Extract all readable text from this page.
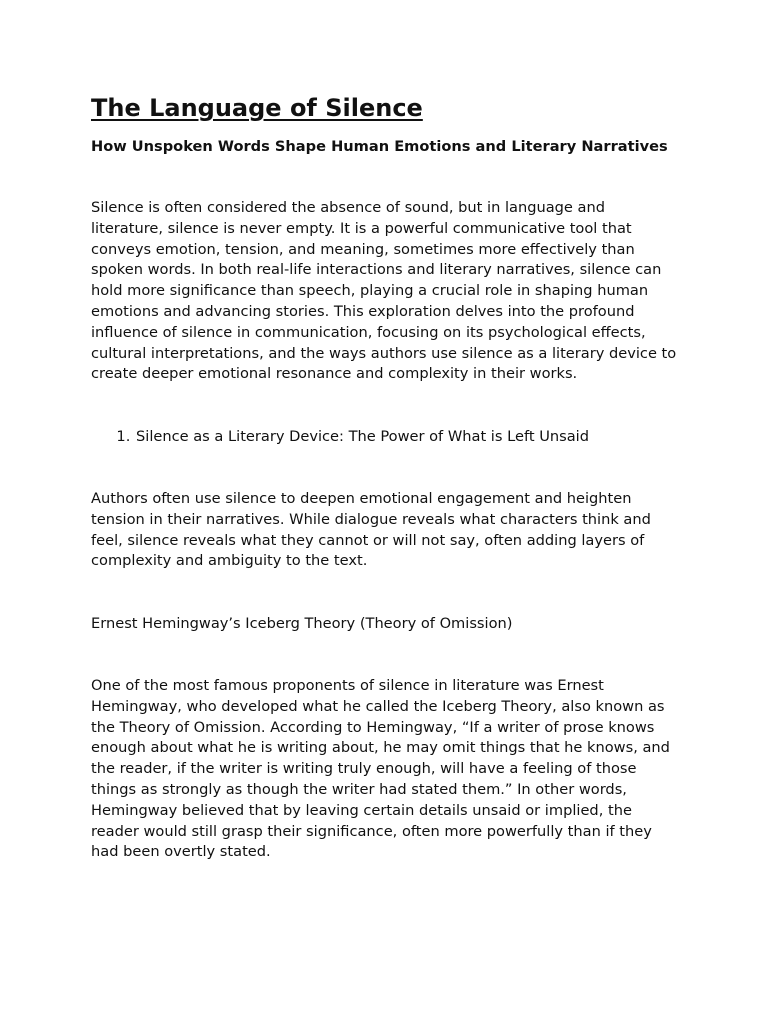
The Language of Silence
How Unspoken Words Shape Human Emotions and Literary Narratives

Silence is often considered the absence of sound, but in language and literature, silence is never empty. It is a powerful communicative tool that conveys emotion, tension, and meaning, sometimes more effectively than spoken words. In both real-life interactions and literary narratives, silence can hold more significance than speech, playing a crucial role in shaping human emotions and advancing stories. This exploration delves into the profound influence of silence in communication, focusing on its psychological effects, cultural interpretations, and the ways authors use silence as a literary device to create deeper emotional resonance and complexity in their works.

1. Silence as a Literary Device: The Power of What is Left Unsaid

Authors often use silence to deepen emotional engagement and heighten tension in their narratives. While dialogue reveals what characters think and feel, silence reveals what they cannot or will not say, often adding layers of complexity and ambiguity to the text.

Ernest Hemingway’s Iceberg Theory (Theory of Omission)

One of the most famous proponents of silence in literature was Ernest Hemingway, who developed what he called the Iceberg Theory, also known as the Theory of Omission. According to Hemingway, “If a writer of prose knows enough about what he is writing about, he may omit things that he knows, and the reader, if the writer is writing truly enough, will have a feeling of those things as strongly as though the writer had stated them.” In other words, Hemingway believed that by leaving certain details unsaid or implied, the reader would still grasp their significance, often more powerfully than if they had been overtly stated.
